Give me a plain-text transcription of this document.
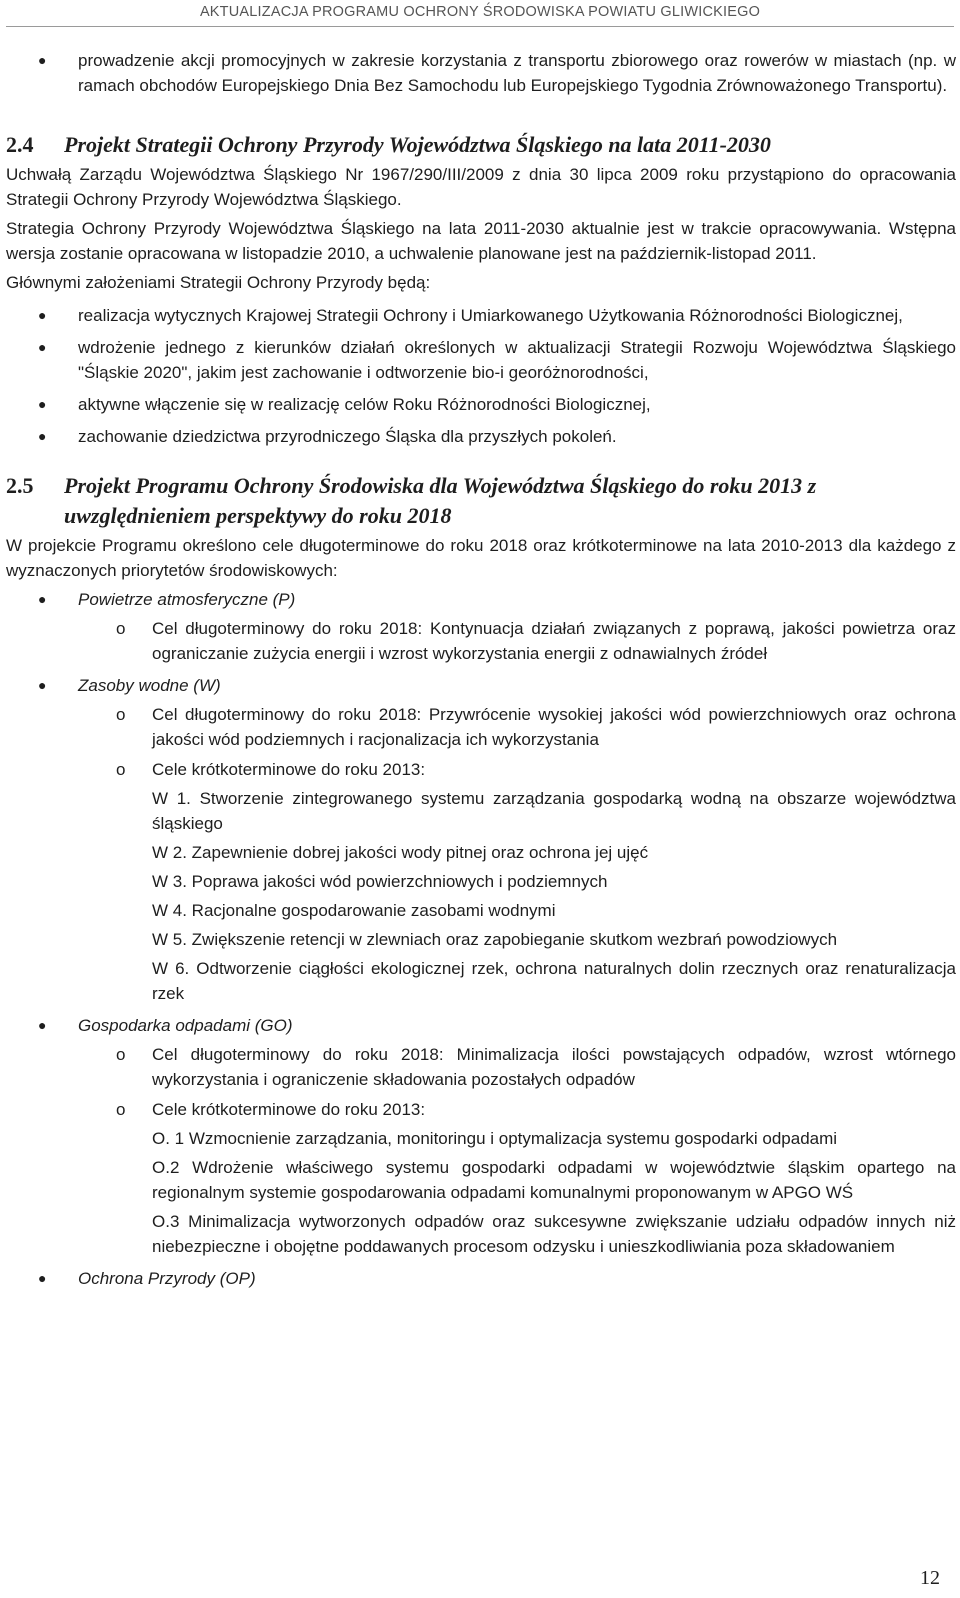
AKTUALIZACJA PROGRAMU OCHRONY ŚRODOWISKA POWIATU GLIWICKIEGO
● prowadzenie akcji promocyjnych w zakresie korzystania z transportu zbiorowego oraz rowerów w miastach (np. w ramach obchodów Europejskiego Dnia Bez Samochodu lub Europejskiego Tygodnia Zrównoważonego Transportu).
2.4	Projekt Strategii Ochrony Przyrody Województwa Śląskiego na lata 2011-2030

Uchwałą Zarządu Województwa Śląskiego Nr 1967/290/III/2009 z dnia 30 lipca 2009 roku przystąpiono do opracowania Strategii Ochrony Przyrody Województwa Śląskiego.

Strategia Ochrony Przyrody Województwa Śląskiego na lata 2011-2030 aktualnie jest w trakcie opracowywania. Wstępna wersja zostanie opracowana w listopadzie 2010, a uchwalenie planowane jest na październik-listopad 2011.

Głównymi założeniami Strategii Ochrony Przyrody będą:

● realizacja wytycznych Krajowej Strategii Ochrony i Umiarkowanego Użytkowania Różnorodności Biologicznej,
● wdrożenie jednego z kierunków działań określonych w aktualizacji Strategii Rozwoju Województwa Śląskiego "Śląskie 2020", jakim jest zachowanie i odtworzenie bio-i georóżnorodności,
● aktywne włączenie się w realizację celów Roku Różnorodności Biologicznej,
● zachowanie dziedzictwa przyrodniczego Śląska dla przyszłych pokoleń.
2.5	Projekt Programu Ochrony Środowiska dla Województwa Śląskiego do roku 2013 z uwzględnieniem perspektywy do roku 2018

W projekcie Programu określono cele długoterminowe do roku 2018 oraz krótkoterminowe na lata 2010-2013 dla każdego z wyznaczonych priorytetów środowiskowych:

● Powietrze atmosferyczne (P)
o Cel długoterminowy do roku 2018: Kontynuacja działań związanych z poprawą, jakości powietrza oraz ograniczanie zużycia energii i wzrost wykorzystania energii z odnawialnych źródeł
● Zasoby wodne (W)
o Cel długoterminowy do roku 2018: Przywrócenie wysokiej jakości wód powierzchniowych oraz ochrona jakości wód podziemnych i racjonalizacja ich wykorzystania
o Cele krótkoterminowe do roku 2013:
W 1. Stworzenie zintegrowanego systemu zarządzania gospodarką wodną na obszarze województwa śląskiego
W 2. Zapewnienie dobrej jakości wody pitnej oraz ochrona jej ujęć
W 3. Poprawa jakości wód powierzchniowych i podziemnych
W 4. Racjonalne gospodarowanie zasobami wodnymi
W 5. Zwiększenie retencji w zlewniach oraz zapobieganie skutkom wezbrań powodziowych
W 6. Odtworzenie ciągłości ekologicznej rzek, ochrona naturalnych dolin rzecznych oraz renaturalizacja rzek
● Gospodarka odpadami (GO)
o Cel długoterminowy do roku 2018: Minimalizacja ilości powstających odpadów, wzrost wtórnego wykorzystania i ograniczenie składowania pozostałych odpadów
o Cele krótkoterminowe do roku 2013:
O. 1 Wzmocnienie zarządzania, monitoringu i optymalizacja systemu gospodarki odpadami
O.2 Wdrożenie właściwego systemu gospodarki odpadami w województwie śląskim opartego na regionalnym systemie gospodarowania odpadami komunalnymi proponowanym w APGO WŚ
O.3 Minimalizacja wytworzonych odpadów oraz sukcesywne zwiększanie udziału odpadów innych niż niebezpieczne i obojętne poddawanych procesom odzysku i unieszkodliwiania poza składowaniem
● Ochrona Przyrody (OP)
12
